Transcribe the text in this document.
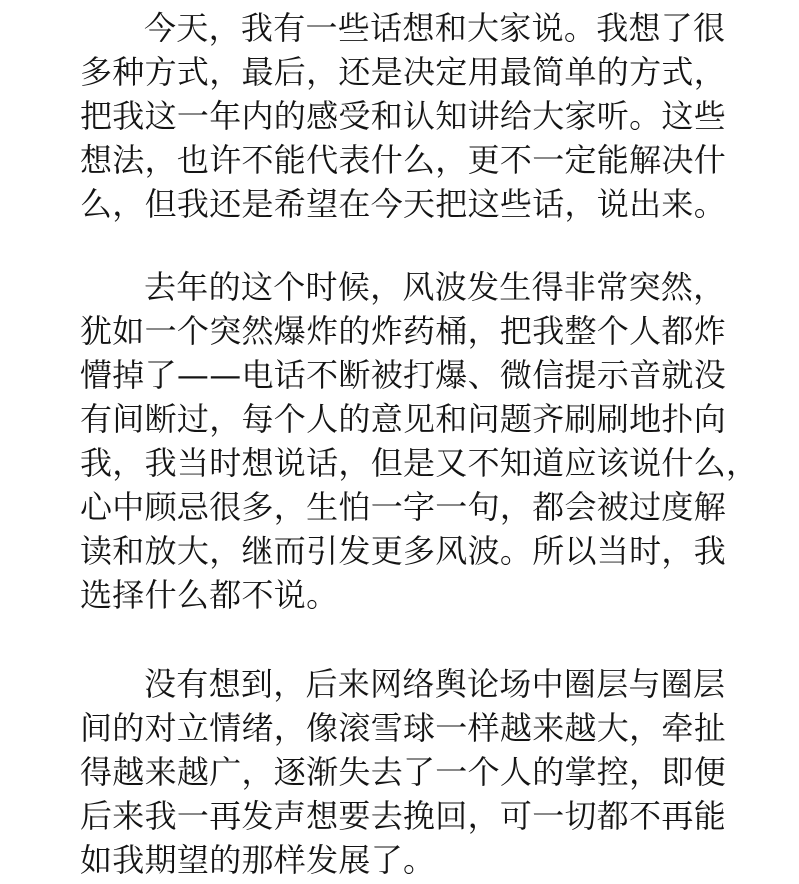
今天，我有一些话想和大家说。我想了很
多种方式，最后，还是决定用最简单的方式，
把我这一年内的感受和认知讲给大家听。这些
想法，也许不能代表什么，更不一定能解决什
么，但我还是希望在今天把这些话，说出来。
去年的这个时候，风波发生得非常突然，
犹如一个突然爆炸的炸药桶，把我整个人都炸
懵掉了——电话不断被打爆、微信提示音就没
有间断过，每个人的意见和问题齐刷刷地扑向
我，我当时想说话，但是又不知道应该说什么，
心中顾忌很多，生怕一字一句，都会被过度解
读和放大，继而引发更多风波。所以当时，我
选择什么都不说。
没有想到，后来网络舆论场中圈层与圈层
间的对立情绪，像滚雪球一样越来越大，牵扯
得越来越广，逐渐失去了一个人的掌控，即便
后来我一再发声想要去挽回，可一切都不再能
如我期望的那样发展了。
